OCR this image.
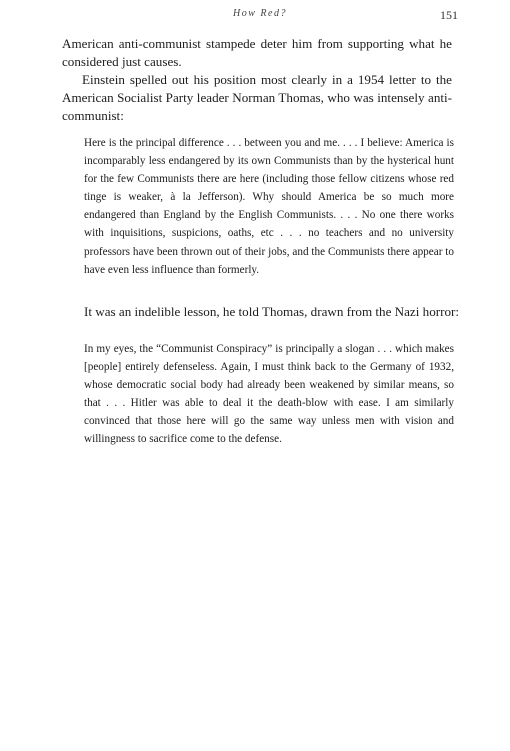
How Red?	151

American anti-communist stampede deter him from supporting what he considered just causes.

Einstein spelled out his position most clearly in a 1954 letter to the American Socialist Party leader Norman Thomas, who was intensely anti-communist:

Here is the principal difference . . . between you and me. . . . I believe: America is incomparably less endangered by its own Communists than by the hysterical hunt for the few Communists there are here (including those fellow citizens whose red tinge is weaker, à la Jefferson). Why should America be so much more endangered than England by the English Communists. . . . No one there works with inquisitions, suspicions, oaths, etc . . . no teachers and no university professors have been thrown out of their jobs, and the Communists there appear to have even less influence than formerly.

It was an indelible lesson, he told Thomas, drawn from the Nazi horror:

In my eyes, the “Communist Conspiracy” is principally a slogan . . . which makes [people] entirely defenseless. Again, I must think back to the Germany of 1932, whose democratic social body had already been weakened by similar means, so that . . . Hitler was able to deal it the death-blow with ease. I am similarly convinced that those here will go the same way unless men with vision and willingness to sacrifice come to the defense.
